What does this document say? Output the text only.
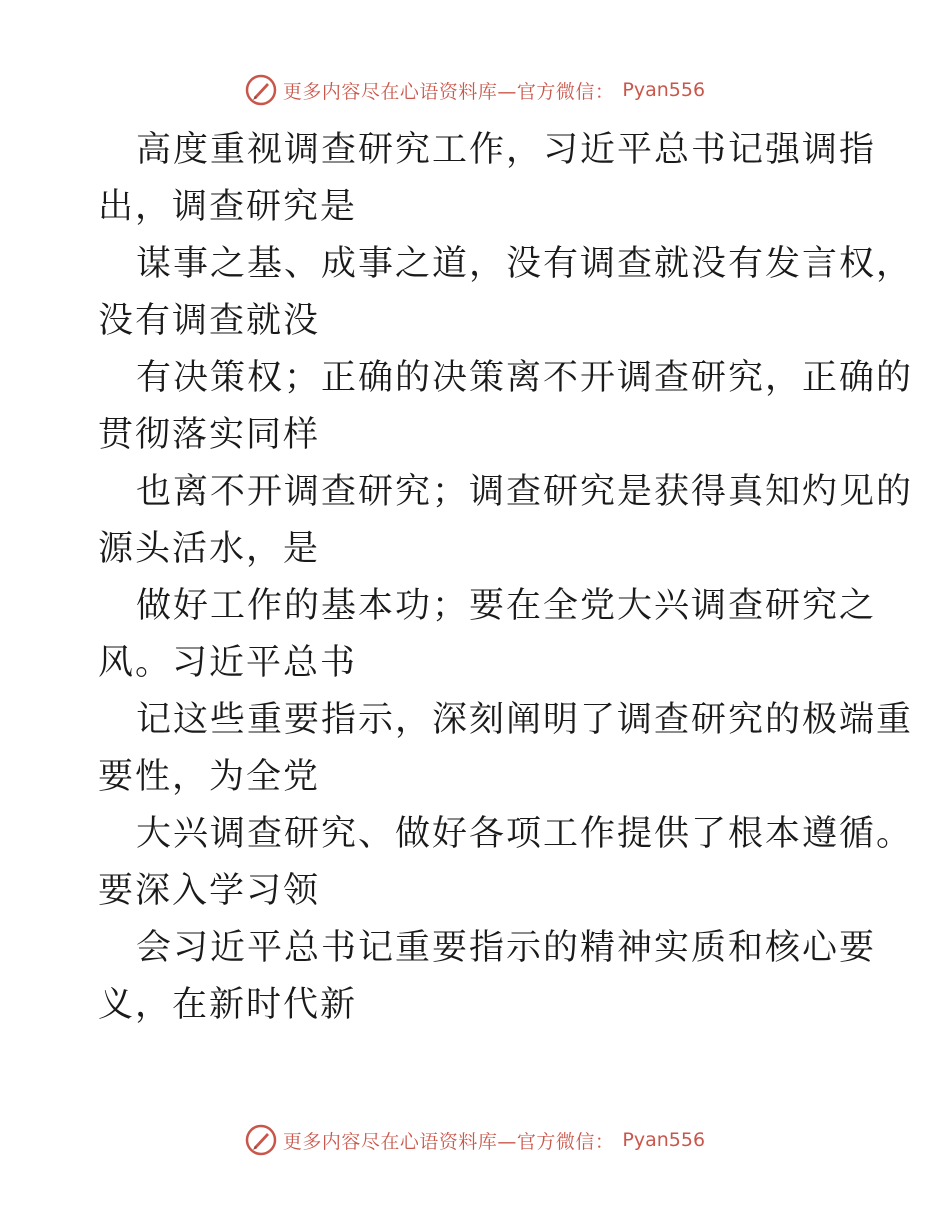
更多内容尽在心语资料库—官方微信： Pyan556
高度重视调查研究工作，习近平总书记强调指
出，调查研究是
谋事之基、成事之道，没有调查就没有发言权，
没有调查就没
有决策权；正确的决策离不开调查研究，正确的
贯彻落实同样
也离不开调查研究；调查研究是获得真知灼见的
源头活水，是
做好工作的基本功；要在全党大兴调查研究之
风。习近平总书
记这些重要指示，深刻阐明了调查研究的极端重
要性，为全党
大兴调查研究、做好各项工作提供了根本遵循。
要深入学习领
会习近平总书记重要指示的精神实质和核心要
义，在新时代新
更多内容尽在心语资料库—官方微信： Pyan556
